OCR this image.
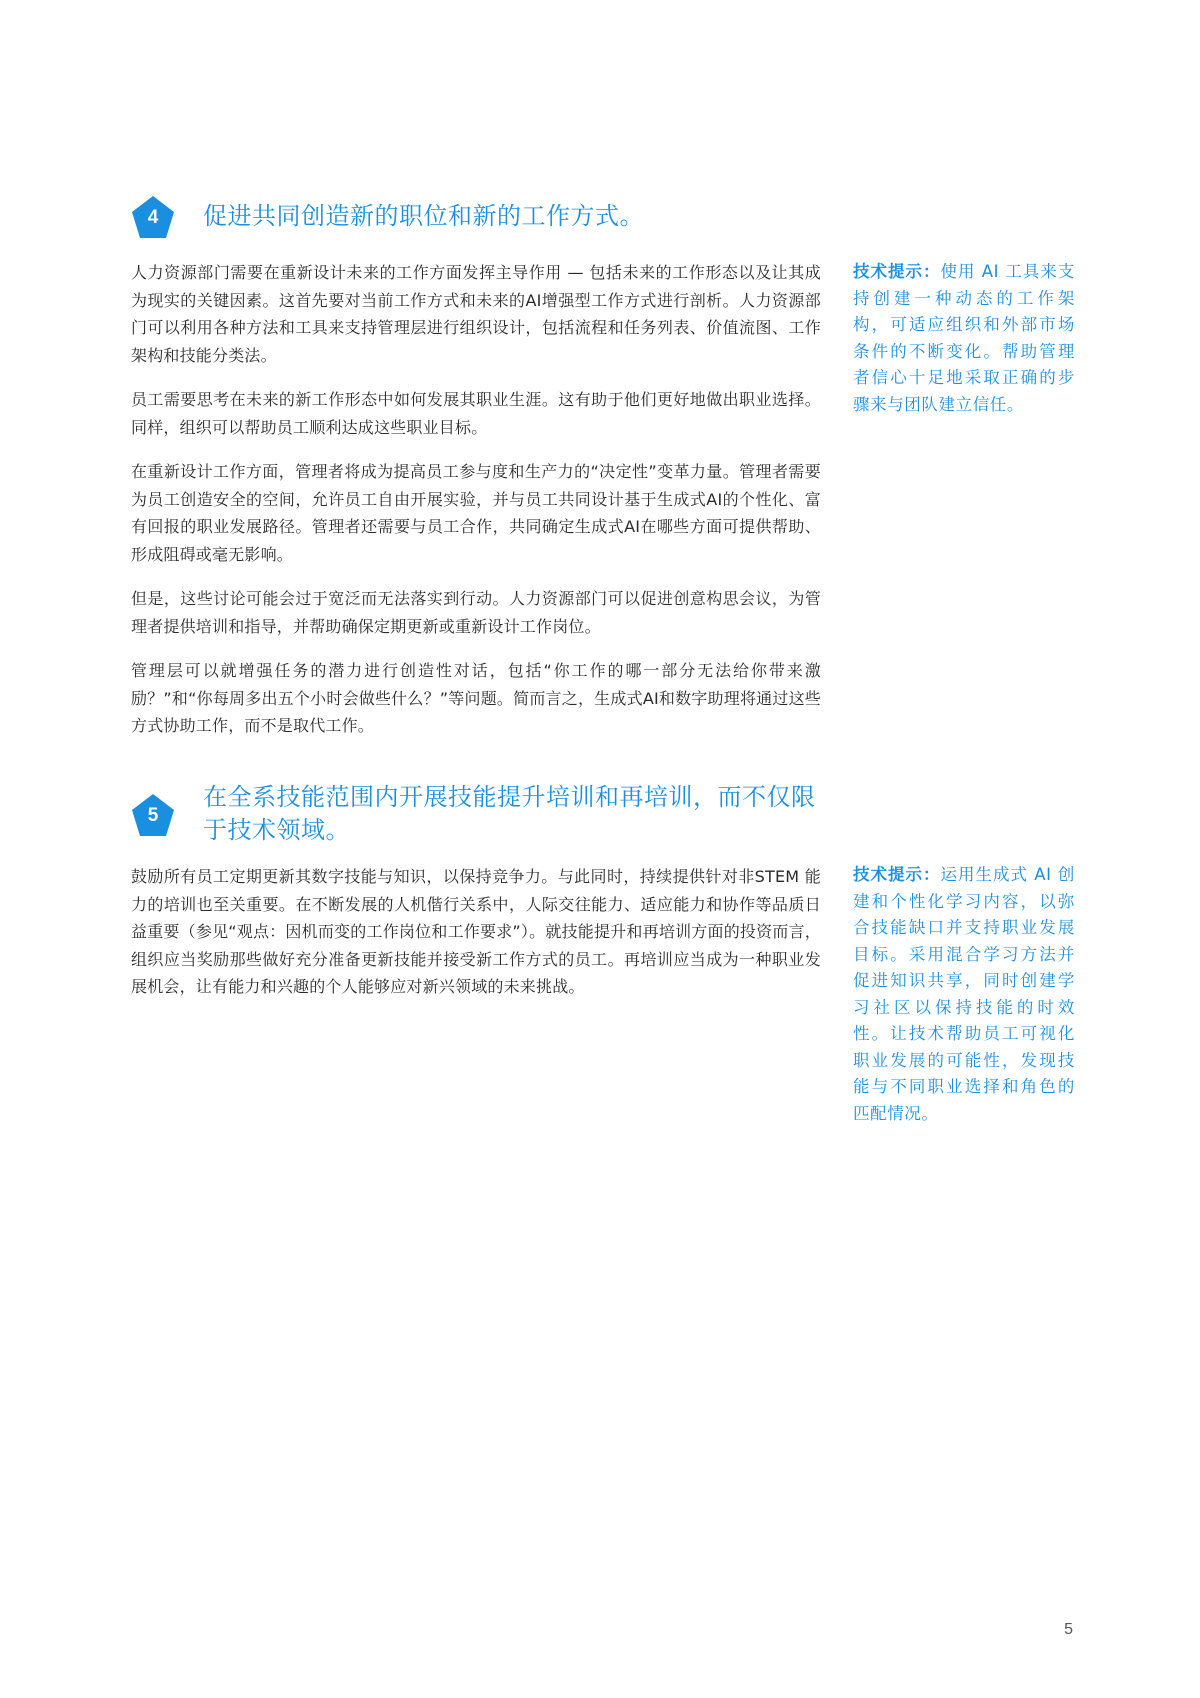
4	促进共同创造新的职位和新的工作方式。

人力资源部门需要在重新设计未来的工作方面发挥主导作用 — 包括未来的工作形态以及让其成为现实的关键因素。这首先要对当前工作方式和未来的AI增强型工作方式进行剖析。人力资源部门可以利用各种方法和工具来支持管理层进行组织设计，包括流程和任务列表、价值流图、工作架构和技能分类法。

员工需要思考在未来的新工作形态中如何发展其职业生涯。这有助于他们更好地做出职业选择。同样，组织可以帮助员工顺利达成这些职业目标。

在重新设计工作方面，管理者将成为提高员工参与度和生产力的“决定性”变革力量。管理者需要为员工创造安全的空间，允许员工自由开展实验，并与员工共同设计基于生成式AI的个性化、富有回报的职业发展路径。管理者还需要与员工合作，共同确定生成式AI在哪些方面可提供帮助、形成阻碍或毫无影响。

但是，这些讨论可能会过于宽泛而无法落实到行动。人力资源部门可以促进创意构思会议，为管理者提供培训和指导，并帮助确保定期更新或重新设计工作岗位。

管理层可以就增强任务的潜力进行创造性对话，包括“你工作的哪一部分无法给你带来激励？”和“你每周多出五个小时会做些什么？”等问题。简而言之，生成式AI和数字助理将通过这些方式协助工作，而不是取代工作。

技术提示：使用 AI 工具来支持创建一种动态的工作架构，可适应组织和外部市场条件的不断变化。帮助管理者信心十足地采取正确的步骤来与团队建立信任。
5
在全系技能范围内开展技能提升培训和再培训，而不仅限于技术领域。

鼓励所有员工定期更新其数字技能与知识，以保持竞争力。与此同时，持续提供针对非STEM 能力的培训也至关重要。在不断发展的人机偕行关系中，人际交往能力、适应能力和协作等品质日益重要（参见“观点：因机而变的工作岗位和工作要求”）。就技能提升和再培训方面的投资而言，组织应当奖励那些做好充分准备更新技能并接受新工作方式的员工。再培训应当成为一种职业发展机会，让有能力和兴趣的个人能够应对新兴领域的未来挑战。

技术提示：运用生成式 AI 创建和个性化学习内容，以弥合技能缺口并支持职业发展目标。采用混合学习方法并促进知识共享，同时创建学习社区以保持技能的时效性。让技术帮助员工可视化职业发展的可能性，发现技能与不同职业选择和角色的匹配情况。
5
